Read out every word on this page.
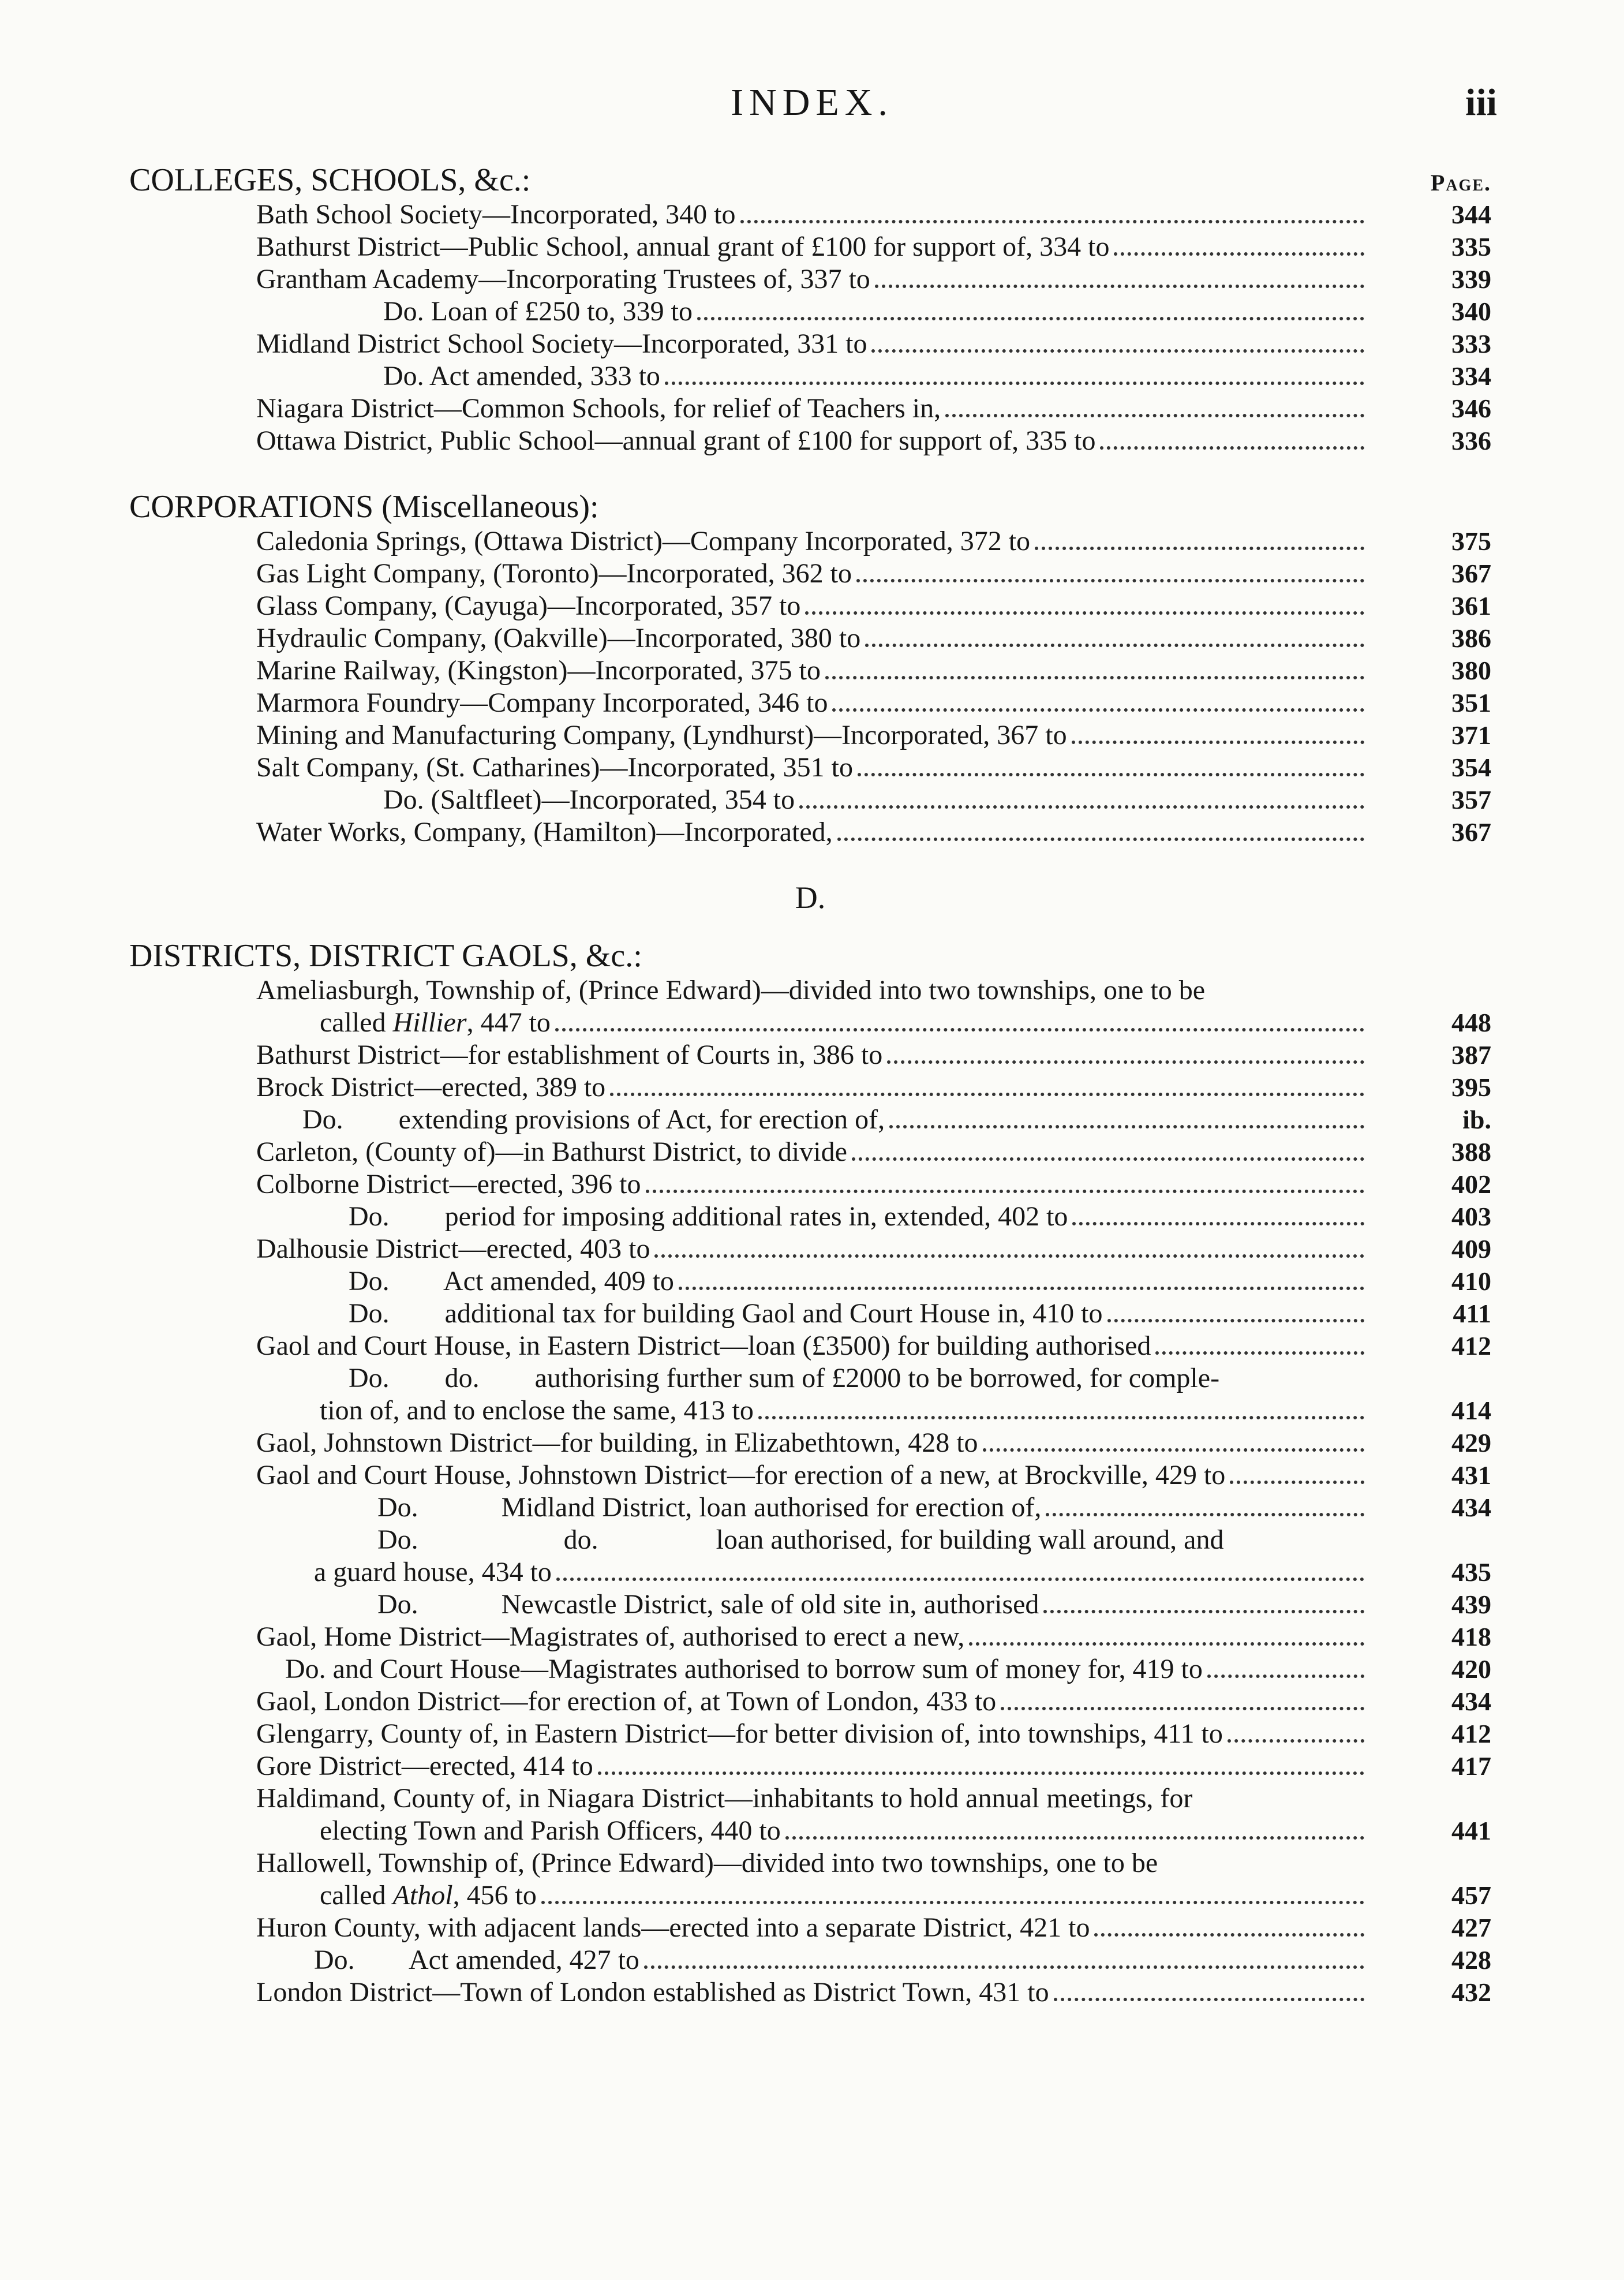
INDEX.	iii
COLLEGES, SCHOOLS, &c.:	Page.
Bath School Society—Incorporated, 340 to	344
Bathurst District—Public School, annual grant of £100 for support of, 334 to	335
Grantham Academy—Incorporating Trustees of, 337 to	339
Do. Loan of £250 to, 339 to	340
Midland District School Society—Incorporated, 331 to	333
Do. Act amended, 333 to	334
Niagara District—Common Schools, for relief of Teachers in,	346
Ottawa District, Public School—annual grant of £100 for support of, 335 to	336
CORPORATIONS (Miscellaneous):
Caledonia Springs, (Ottawa District)—Company Incorporated, 372 to	375
Gas Light Company, (Toronto)—Incorporated, 362 to	367
Glass Company, (Cayuga)—Incorporated, 357 to	361
Hydraulic Company, (Oakville)—Incorporated, 380 to	386
Marine Railway, (Kingston)—Incorporated, 375 to	380
Marmora Foundry—Company Incorporated, 346 to	351
Mining and Manufacturing Company, (Lyndhurst)—Incorporated, 367 to	371
Salt Company, (St. Catharines)—Incorporated, 351 to	354
Do. (Saltfleet)—Incorporated, 354 to	357
Water Works, Company, (Hamilton)—Incorporated,	367
D.
DISTRICTS, DISTRICT GAOLS, &c.:
Ameliasburgh, Township of, (Prince Edward)—divided into two townships, one to be
called Hillier, 447 to	448
Bathurst District—for establishment of Courts in, 386 to	387
Brock District—erected, 389 to	395
Do.        extending provisions of Act, for erection of,	ib.
Carleton, (County of)—in Bathurst District, to divide	388
Colborne District—erected, 396 to	402
Do.        period for imposing additional rates in, extended, 402 to	403
Dalhousie District—erected, 403 to	409
Do.        Act amended, 409 to	410
Do.        additional tax for building Gaol and Court House in, 410 to	411
Gaol and Court House, in Eastern District—loan (£3500) for building authorised	412
Do.        do.        authorising further sum of £2000 to be borrowed, for comple-
tion of, and to enclose the same, 413 to	414
Gaol, Johnstown District—for building, in Elizabethtown, 428 to	429
Gaol and Court House, Johnstown District—for erection of a new, at Brockville, 429 to	431
Do.            Midland District, loan authorised for erection of,	434
Do.                     do.                 loan authorised, for building wall around, and
a guard house, 434 to	435
Do.            Newcastle District, sale of old site in, authorised	439
Gaol, Home District—Magistrates of, authorised to erect a new,	418
Do. and Court House—Magistrates authorised to borrow sum of money for, 419 to	420
Gaol, London District—for erection of, at Town of London, 433 to	434
Glengarry, County of, in Eastern District—for better division of, into townships, 411 to	412
Gore District—erected, 414 to	417
Haldimand, County of, in Niagara District—inhabitants to hold annual meetings, for
electing Town and Parish Officers, 440 to	441
Hallowell, Township of, (Prince Edward)—divided into two townships, one to be
called Athol, 456 to	457
Huron County, with adjacent lands—erected into a separate District, 421 to	427
Do.        Act amended, 427 to	428
London District—Town of London established as District Town, 431 to	432
